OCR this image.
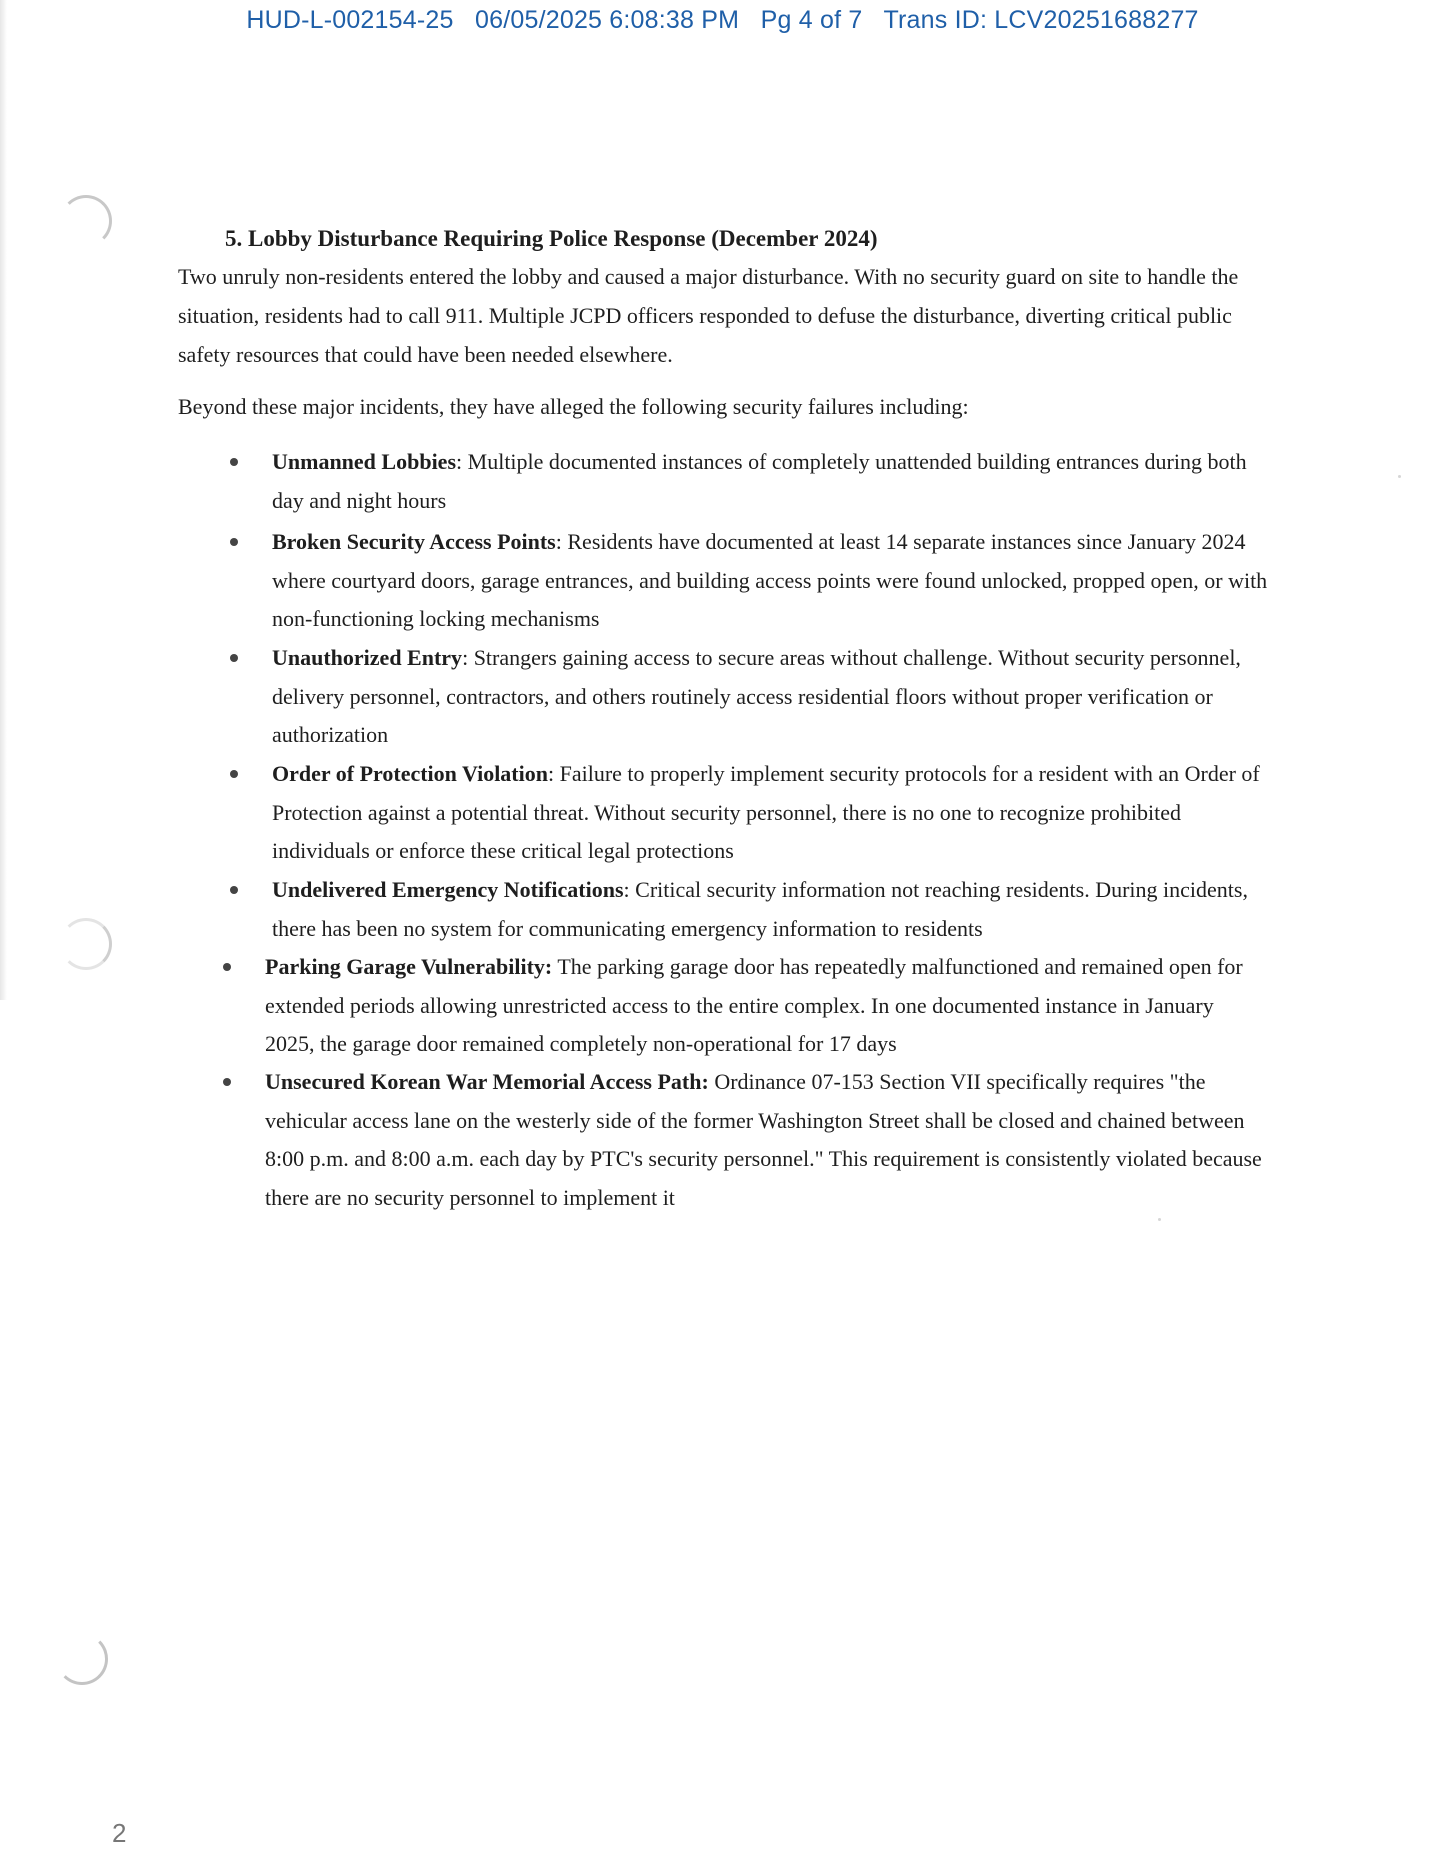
HUD-L-002154-25 06/05/2025 6:08:38 PM Pg 4 of 7 Trans ID: LCV20251688277
5. Lobby Disturbance Requiring Police Response (December 2024)

Two unruly non-residents entered the lobby and caused a major disturbance. With no security guard on site to handle the situation, residents had to call 911. Multiple JCPD officers responded to defuse the disturbance, diverting critical public safety resources that could have been needed elsewhere.

Beyond these major incidents, they have alleged the following security failures including:

Unmanned Lobbies: Multiple documented instances of completely unattended building entrances during both day and night hours
Broken Security Access Points: Residents have documented at least 14 separate instances since January 2024 where courtyard doors, garage entrances, and building access points were found unlocked, propped open, or with non-functioning locking mechanisms
Unauthorized Entry: Strangers gaining access to secure areas without challenge. Without security personnel, delivery personnel, contractors, and others routinely access residential floors without proper verification or authorization
Order of Protection Violation: Failure to properly implement security protocols for a resident with an Order of Protection against a potential threat. Without security personnel, there is no one to recognize prohibited individuals or enforce these critical legal protections
Undelivered Emergency Notifications: Critical security information not reaching residents. During incidents, there has been no system for communicating emergency information to residents
Parking Garage Vulnerability: The parking garage door has repeatedly malfunctioned and remained open for extended periods allowing unrestricted access to the entire complex. In one documented instance in January 2025, the garage door remained completely non-operational for 17 days
Unsecured Korean War Memorial Access Path: Ordinance 07-153 Section VII specifically requires "the vehicular access lane on the westerly side of the former Washington Street shall be closed and chained between 8:00 p.m. and 8:00 a.m. each day by PTC's security personnel." This requirement is consistently violated because there are no security personnel to implement it
2
